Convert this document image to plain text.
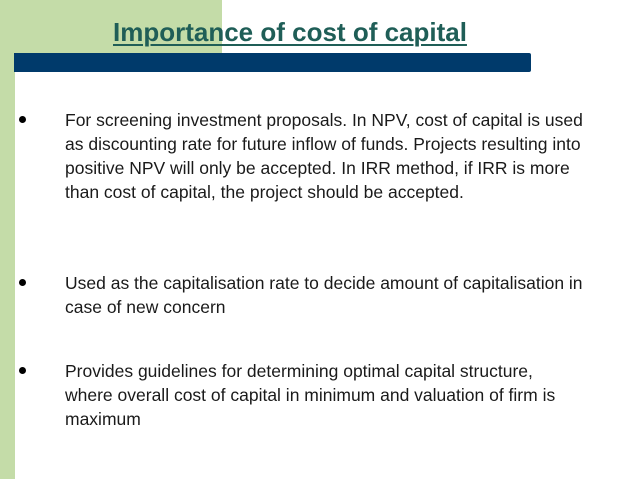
Importance of cost of capital

For screening investment proposals. In NPV, cost of capital is used as discounting rate for future inflow of funds. Projects resulting into positive NPV will only be accepted. In IRR method, if IRR is more than cost of capital, the project should be accepted.

Used as the capitalisation rate to decide amount of capitalisation in case of new concern

Provides guidelines for determining optimal capital structure, where overall cost of capital in minimum and valuation of firm is maximum
